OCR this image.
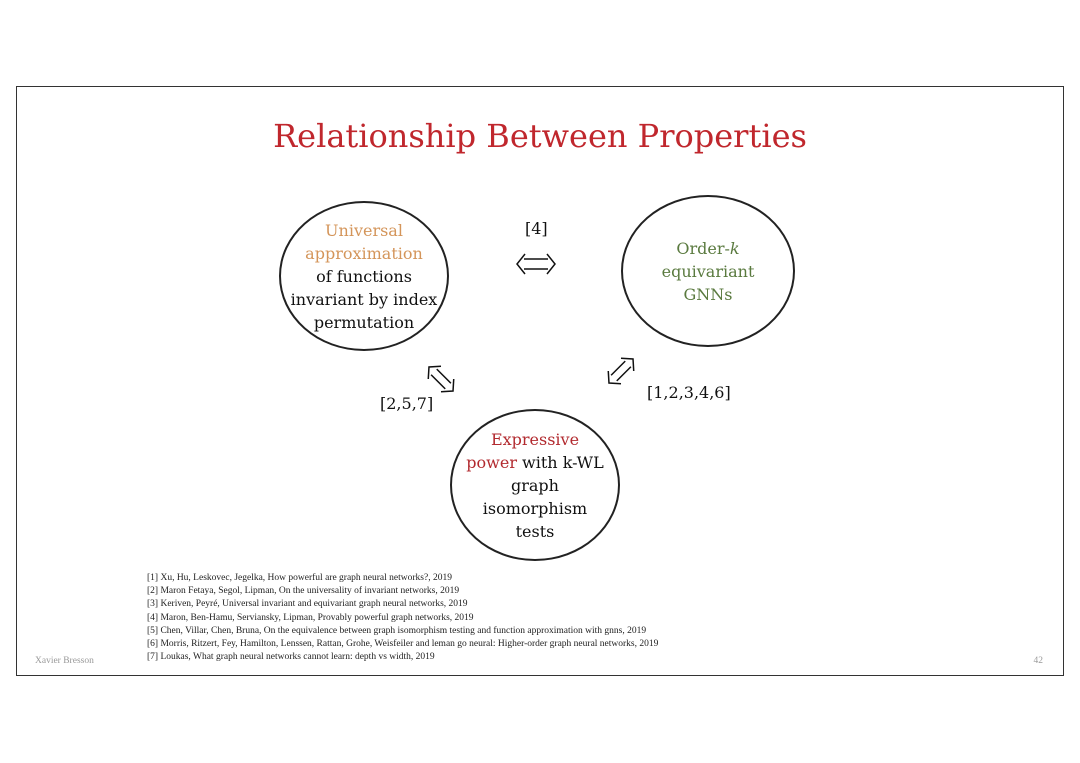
Relationship Between Properties
Universal approximation
of functions invariant by index permutation
Order-k
equivariant
GNNs
Expressive power with k-WL graph isomorphism tests
[4]
[2,5,7]
[1,2,3,4,6]
[1] Xu, Hu, Leskovec, Jegelka, How powerful are graph neural networks?, 2019
[2] Maron Fetaya, Segol, Lipman, On the universality of invariant networks, 2019
[3] Keriven, Peyré, Universal invariant and equivariant graph neural networks, 2019
[4] Maron, Ben-Hamu, Serviansky, Lipman, Provably powerful graph networks, 2019
[5] Chen, Villar, Chen, Bruna, On the equivalence between graph isomorphism testing and function approximation with gnns, 2019
[6] Morris, Ritzert, Fey, Hamilton, Lenssen, Rattan, Grohe, Weisfeiler and leman go neural: Higher-order graph neural networks, 2019
[7] Loukas, What graph neural networks cannot learn: depth vs width, 2019
Xavier Bresson	42
